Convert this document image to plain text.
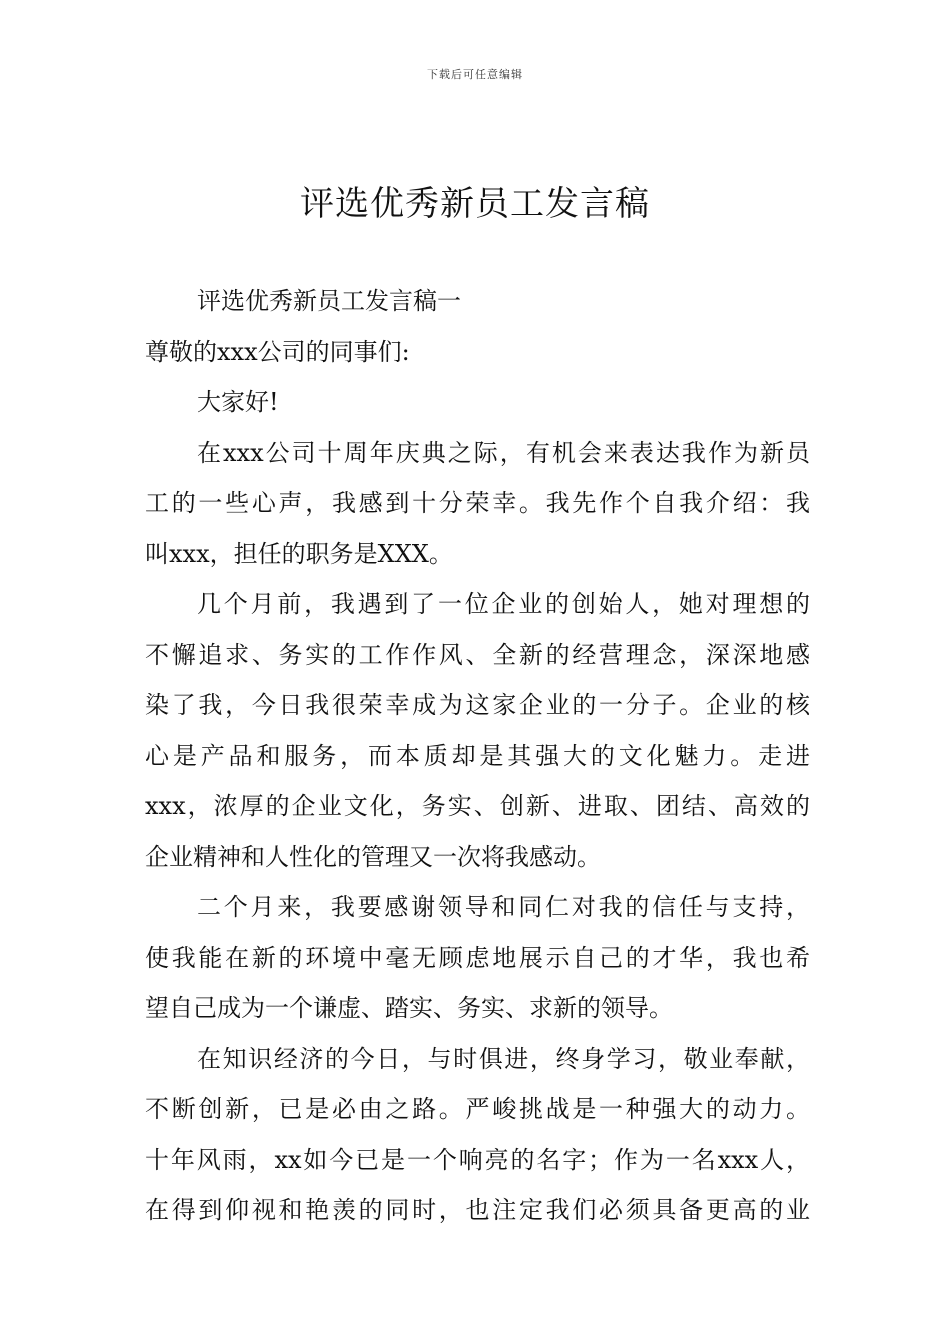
下载后可任意编辑
评选优秀新员工发言稿
评选优秀新员工发言稿一
尊敬的xxx公司的同事们:
大家好!
在xxx公司十周年庆典之际，有机会来表达我作为新员
工的一些心声，我感到十分荣幸。我先作个自我介绍：我
叫xxx，担任的职务是XXX。
几个月前，我遇到了一位企业的创始人，她对理想的
不懈追求、务实的工作作风、全新的经营理念，深深地感
染了我，今日我很荣幸成为这家企业的一分子。企业的核
心是产品和服务，而本质却是其强大的文化魅力。走进
xxx，浓厚的企业文化，务实、创新、进取、团结、高效的
企业精神和人性化的管理又一次将我感动。
二个月来，我要感谢领导和同仁对我的信任与支持，
使我能在新的环境中毫无顾虑地展示自己的才华，我也希
望自己成为一个谦虚、踏实、务实、求新的领导。
在知识经济的今日，与时俱进，终身学习，敬业奉献，
不断创新，已是必由之路。严峻挑战是一种强大的动力。
十年风雨，xx如今已是一个响亮的名字；作为一名xxx人，
在得到仰视和艳羡的同时，也注定我们必须具备更高的业
